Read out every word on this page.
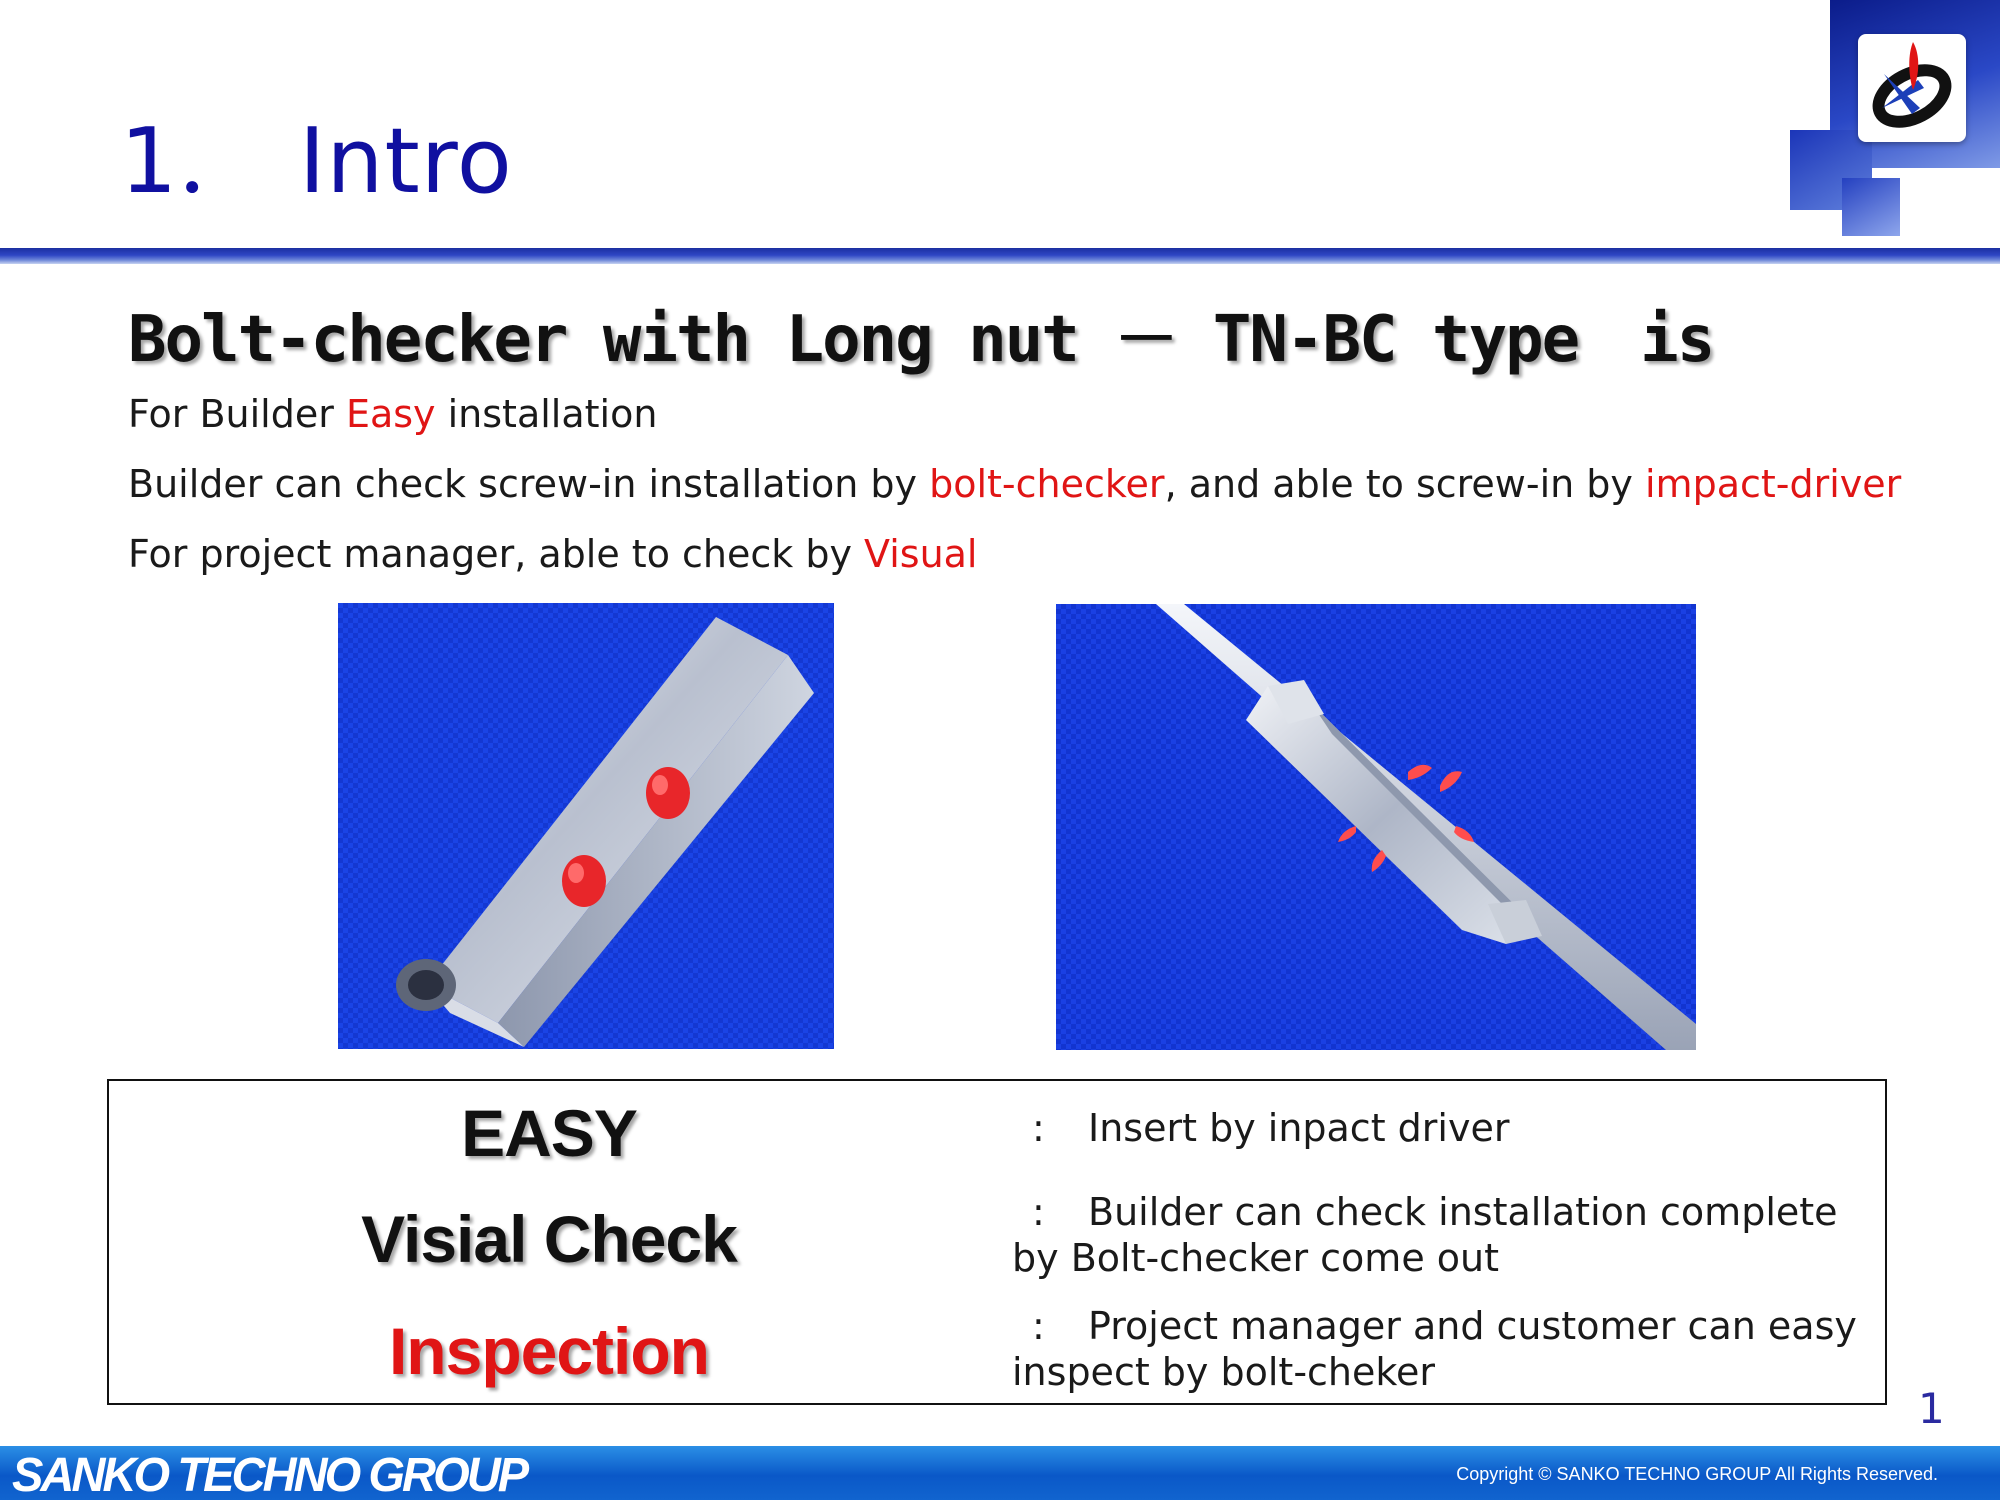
1． Intro
Bolt-checker with Long nut － TN-BC type　is
For Builder Easy installation
Builder can check screw-in installation by bolt-checker, and able to screw-in by impact-driver
For project manager, able to check by Visual
EASY	: Insert by inpact driver
Visial Check	: Builder can check installation complete
by Bolt-checker come out
Inspection	: Project manager and customer can easy
inspect by bolt-cheker
1
SANKO TECHNO GROUP	Copyright © SANKO TECHNO GROUP All Rights Reserved.
